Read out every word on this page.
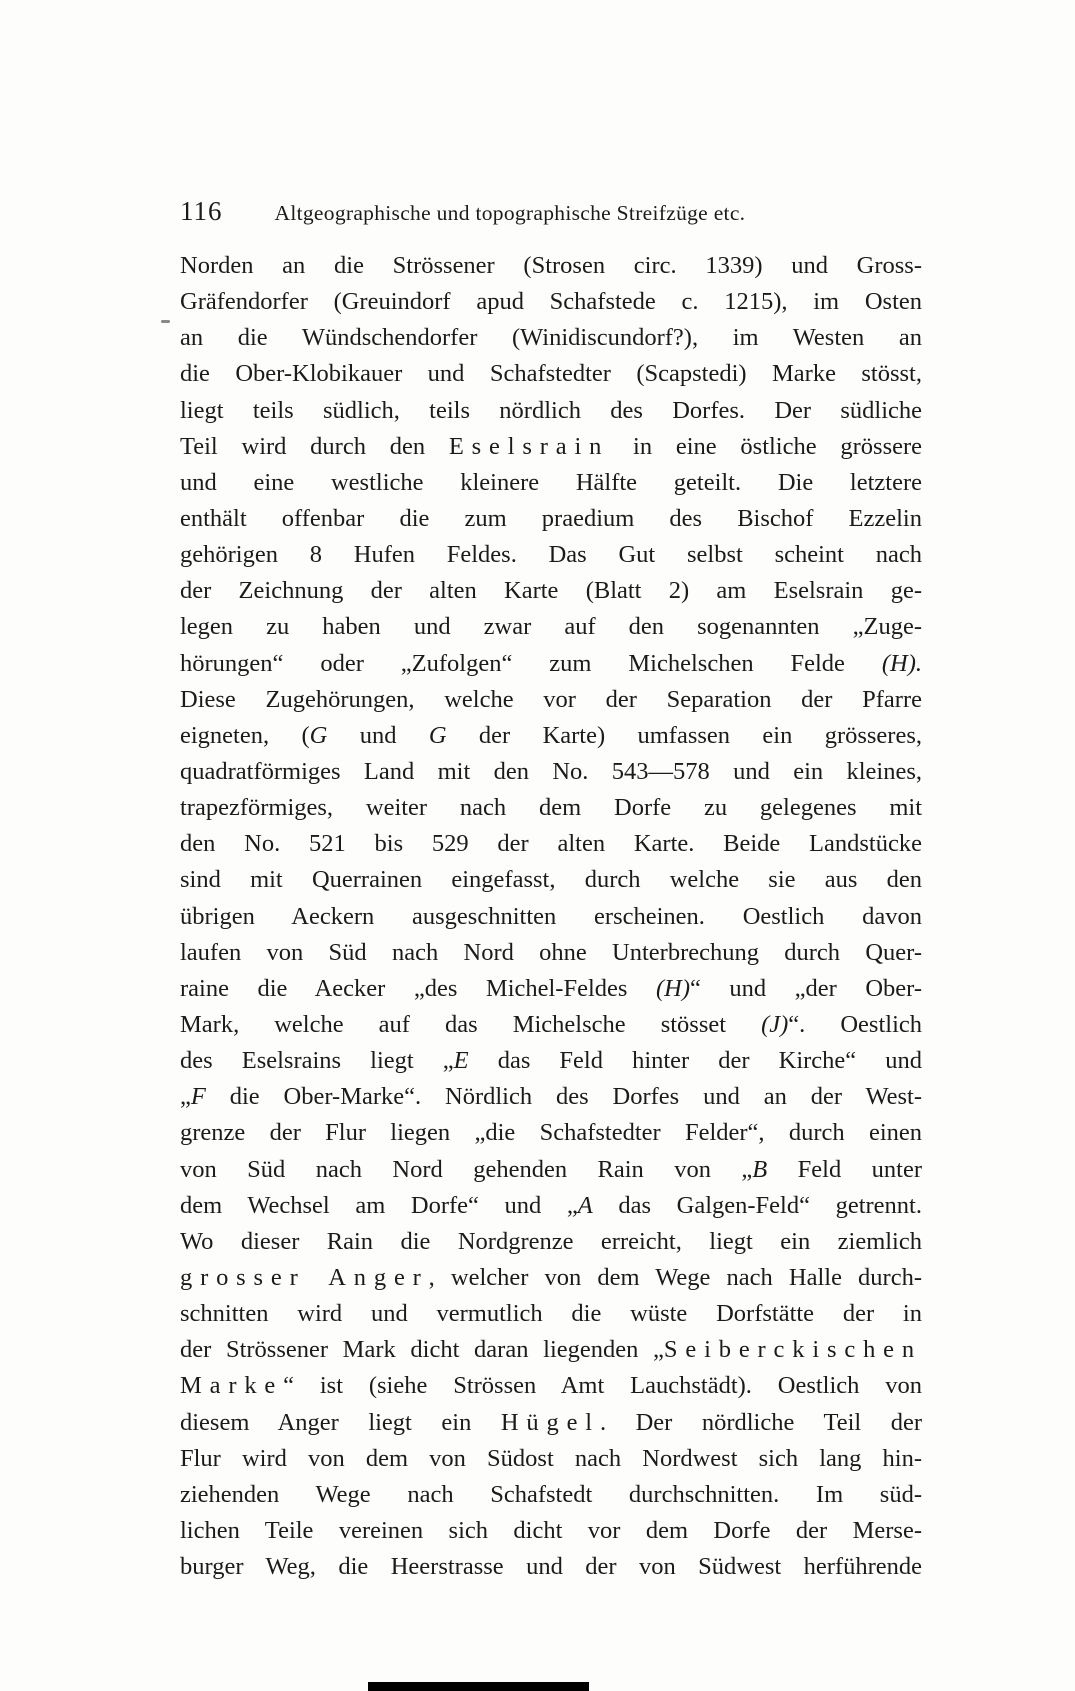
116 Altgeographische und topographische Streifzüge etc.
Norden an die Strössener (Strosen circ. 1339) und Gross-
Gräfendorfer (Greuindorf apud Schafstede c. 1215), im Osten
an die Wündschendorfer (Winidiscundorf?), im Westen an
die Ober-Klobikauer und Schafstedter (Scapstedi) Marke stösst,
liegt teils südlich, teils nördlich des Dorfes. Der südliche
Teil wird durch den Eselsrain in eine östliche grössere
und eine westliche kleinere Hälfte geteilt. Die letztere
enthält offenbar die zum praedium des Bischof Ezzelin
gehörigen 8 Hufen Feldes. Das Gut selbst scheint nach
der Zeichnung der alten Karte (Blatt 2) am Eselsrain ge-
legen zu haben und zwar auf den sogenannten „Zuge-
hörungen“ oder „Zufolgen“ zum Michelschen Felde (H).
Diese Zugehörungen, welche vor der Separation der Pfarre
eigneten, (G und G der Karte) umfassen ein grösseres,
quadratförmiges Land mit den No. 543—578 und ein kleines,
trapezförmiges, weiter nach dem Dorfe zu gelegenes mit
den No. 521 bis 529 der alten Karte. Beide Landstücke
sind mit Querrainen eingefasst, durch welche sie aus den
übrigen Aeckern ausgeschnitten erscheinen. Oestlich davon
laufen von Süd nach Nord ohne Unterbrechung durch Quer-
raine die Aecker „des Michel-Feldes (H)“ und „der Ober-
Mark, welche auf das Michelsche stösset (J)“. Oestlich
des Eselsrains liegt „E das Feld hinter der Kirche“ und
„F die Ober-Marke“. Nördlich des Dorfes und an der West-
grenze der Flur liegen „die Schafstedter Felder“, durch einen
von Süd nach Nord gehenden Rain von „B Feld unter
dem Wechsel am Dorfe“ und „A das Galgen-Feld“ getrennt.
Wo dieser Rain die Nordgrenze erreicht, liegt ein ziemlich
grosser Anger, welcher von dem Wege nach Halle durch-
schnitten wird und vermutlich die wüste Dorfstätte der in
der Strössener Mark dicht daran liegenden „Seiberckischen
Marke“ ist (siehe Strössen Amt Lauchstädt). Oestlich von
diesem Anger liegt ein Hügel. Der nördliche Teil der
Flur wird von dem von Südost nach Nordwest sich lang hin-
ziehenden Wege nach Schafstedt durchschnitten. Im süd-
lichen Teile vereinen sich dicht vor dem Dorfe der Merse-
burger Weg, die Heerstrasse und der von Südwest herführende
